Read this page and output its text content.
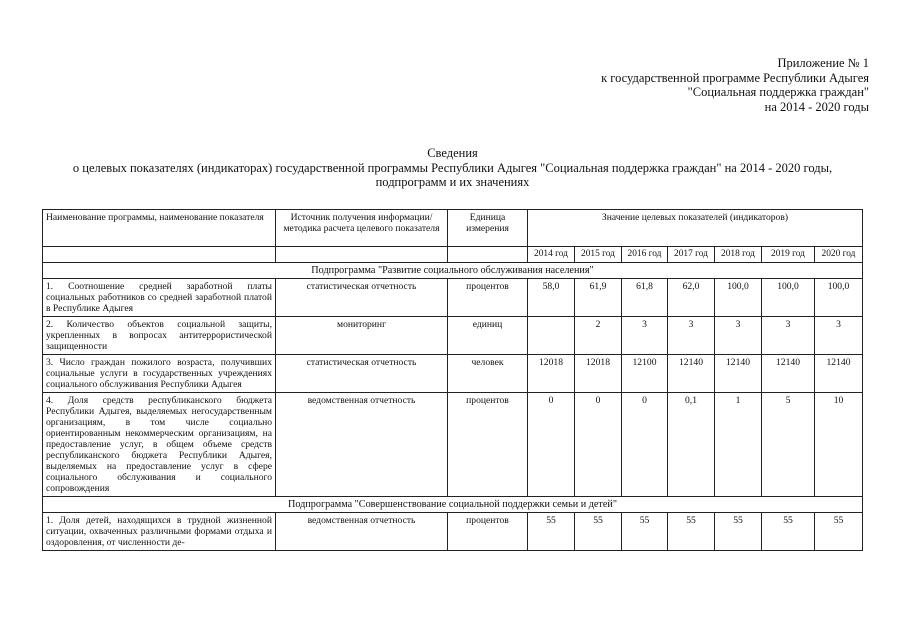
Приложение № 1
к государственной программе Республики Адыгея
"Социальная поддержка граждан"
на 2014 - 2020 годы
Сведения
о целевых показателях (индикаторах) государственной программы Республики Адыгея "Социальная поддержка граждан" на 2014 - 2020 годы, подпрограмм и их значениях
Наименование программы, наименование показателя	Источник получения информации/методика расчета целевого показателя	Единица измерения	Значение целевых показателей (индикаторов)						
			2014 год	2015 год	2016 год	2017 год	2018 год	2019 год	2020 год
Подпрограмма "Развитие социального обслуживания населения"									
1. Соотношение средней заработной платы социальных работников со средней заработной платой в Республике Адыгея	статистическая отчетность	процентов	58,0	61,9	61,8	62,0	100,0	100,0	100,0
2. Количество объектов социальной защиты, укрепленных в вопросах антитеррористической защищенности	мониторинг	единиц		2	3	3	3	3	3
3. Число граждан пожилого возраста, получивших социальные услуги в государственных учреждениях социального обслуживания Республики Адыгея	статистическая отчетность	человек	12018	12018	12100	12140	12140	12140	12140
4. Доля средств республиканского бюджета Республики Адыгея, выделяемых негосударственным организациям, в том числе социально ориентированным некоммерческим организациям, на предоставление услуг, в общем объеме средств республиканского бюджета Республики Адыгея, выделяемых на предоставление услуг в сфере социального обслуживания и социального сопровождения	ведомственная отчетность	процентов	0	0	0	0,1	1	5	10
Подпрограмма "Совершенствование социальной поддержки семьи и детей"									
1. Доля детей, находящихся в трудной жизненной ситуации, охваченных различными формами отдыха и оздоровления, от численности де-	ведомственная отчетность	процентов	55	55	55	55	55	55	55
